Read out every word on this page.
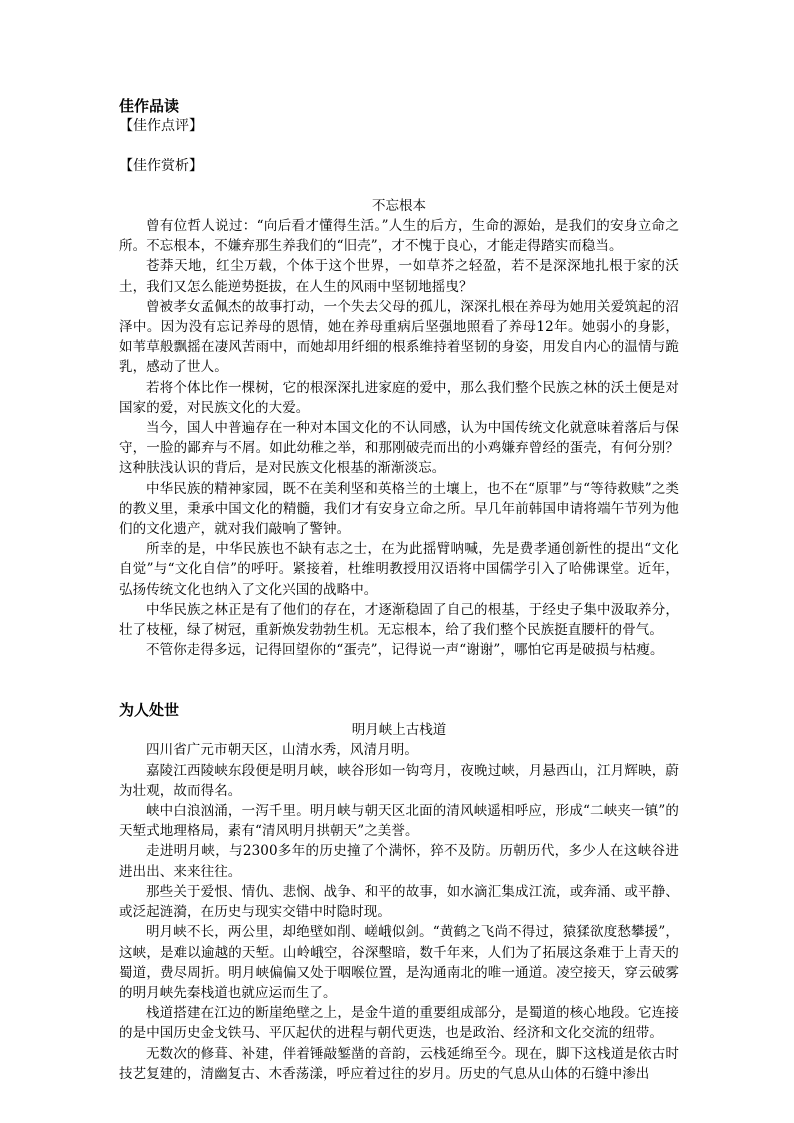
佳作品读

【佳作点评】

【佳作赏析】

不忘根本

曾有位哲人说过：“向后看才懂得生活。”人生的后方，生命的源始，是我们的安身立命之所。不忘根本，不嫌弃那生养我们的“旧壳”，才不愧于良心，才能走得踏实而稳当。

苍莽天地，红尘万载，个体于这个世界，一如草芥之轻盈，若不是深深地扎根于家的沃土，我们又怎么能逆势挺拔，在人生的风雨中坚韧地摇曳？

曾被孝女孟佩杰的故事打动，一个失去父母的孤儿，深深扎根在养母为她用关爱筑起的沼泽中。因为没有忘记养母的恩情，她在养母重病后坚强地照看了养母12年。她弱小的身影，如苇草般飘摇在凄风苦雨中，而她却用纤细的根系维持着坚韧的身姿，用发自内心的温情与跪乳，感动了世人。

若将个体比作一棵树，它的根深深扎进家庭的爱中，那么我们整个民族之林的沃土便是对国家的爱，对民族文化的大爱。

当今，国人中普遍存在一种对本国文化的不认同感，认为中国传统文化就意味着落后与保守，一脸的鄙弃与不屑。如此幼稚之举，和那刚破壳而出的小鸡嫌弃曾经的蛋壳，有何分别？这种肤浅认识的背后，是对民族文化根基的渐渐淡忘。

中华民族的精神家园，既不在美利坚和英格兰的土壤上，也不在“原罪”与“等待救赎”之类的教义里，秉承中国文化的精髓，我们才有安身立命之所。早几年前韩国申请将端午节列为他们的文化遗产，就对我们敲响了警钟。

所幸的是，中华民族也不缺有志之士，在为此摇臂呐喊，先是费孝通创新性的提出“文化自觉”与“文化自信”的呼吁。紧接着，杜维明教授用汉语将中国儒学引入了哈佛课堂。近年，弘扬传统文化也纳入了文化兴国的战略中。

中华民族之林正是有了他们的存在，才逐渐稳固了自己的根基，于经史子集中汲取养分，壮了枝桠，绿了树冠，重新焕发勃勃生机。无忘根本，给了我们整个民族挺直腰杆的骨气。

不管你走得多远，记得回望你的“蛋壳”，记得说一声“谢谢”，哪怕它再是破损与枯瘦。

为人处世

明月峡上古栈道

四川省广元市朝天区，山清水秀，风清月明。

嘉陵江西陵峡东段便是明月峡，峡谷形如一钩弯月，夜晚过峡，月悬西山，江月辉映，蔚为壮观，故而得名。

峡中白浪汹涌，一泻千里。明月峡与朝天区北面的清风峡遥相呼应，形成“二峡夹一镇”的天堑式地理格局，素有“清风明月拱朝天”之美誉。

走进明月峡，与2300多年的历史撞了个满怀，猝不及防。历朝历代，多少人在这峡谷进进出出、来来往往。

那些关于爱恨、情仇、悲悯、战争、和平的故事，如水滴汇集成江流，或奔涌、或平静、或泛起涟漪，在历史与现实交错中时隐时现。

明月峡不长，两公里，却绝壁如削、嵯峨似剑。“黄鹤之飞尚不得过，猿猱欲度愁攀援”，这峡，是难以逾越的天堑。山岭峨空，谷深墼暗，数千年来，人们为了拓展这条难于上青天的蜀道，费尽周折。明月峡偏偏又处于咽喉位置，是沟通南北的唯一通道。凌空接天，穿云破雾的明月峡先秦栈道也就应运而生了。

栈道搭建在江边的断崖绝壁之上，是金牛道的重要组成部分，是蜀道的核心地段。它连接的是中国历史金戈铁马、平仄起伏的进程与朝代更迭，也是政治、经济和文化交流的纽带。

无数次的修葺、补建，伴着锤敲錾凿的音韵，云栈延绵至今。现在，脚下这栈道是依古时技艺复建的，清幽复古、木香荡漾，呼应着过往的岁月。历史的气息从山体的石缝中渗出
